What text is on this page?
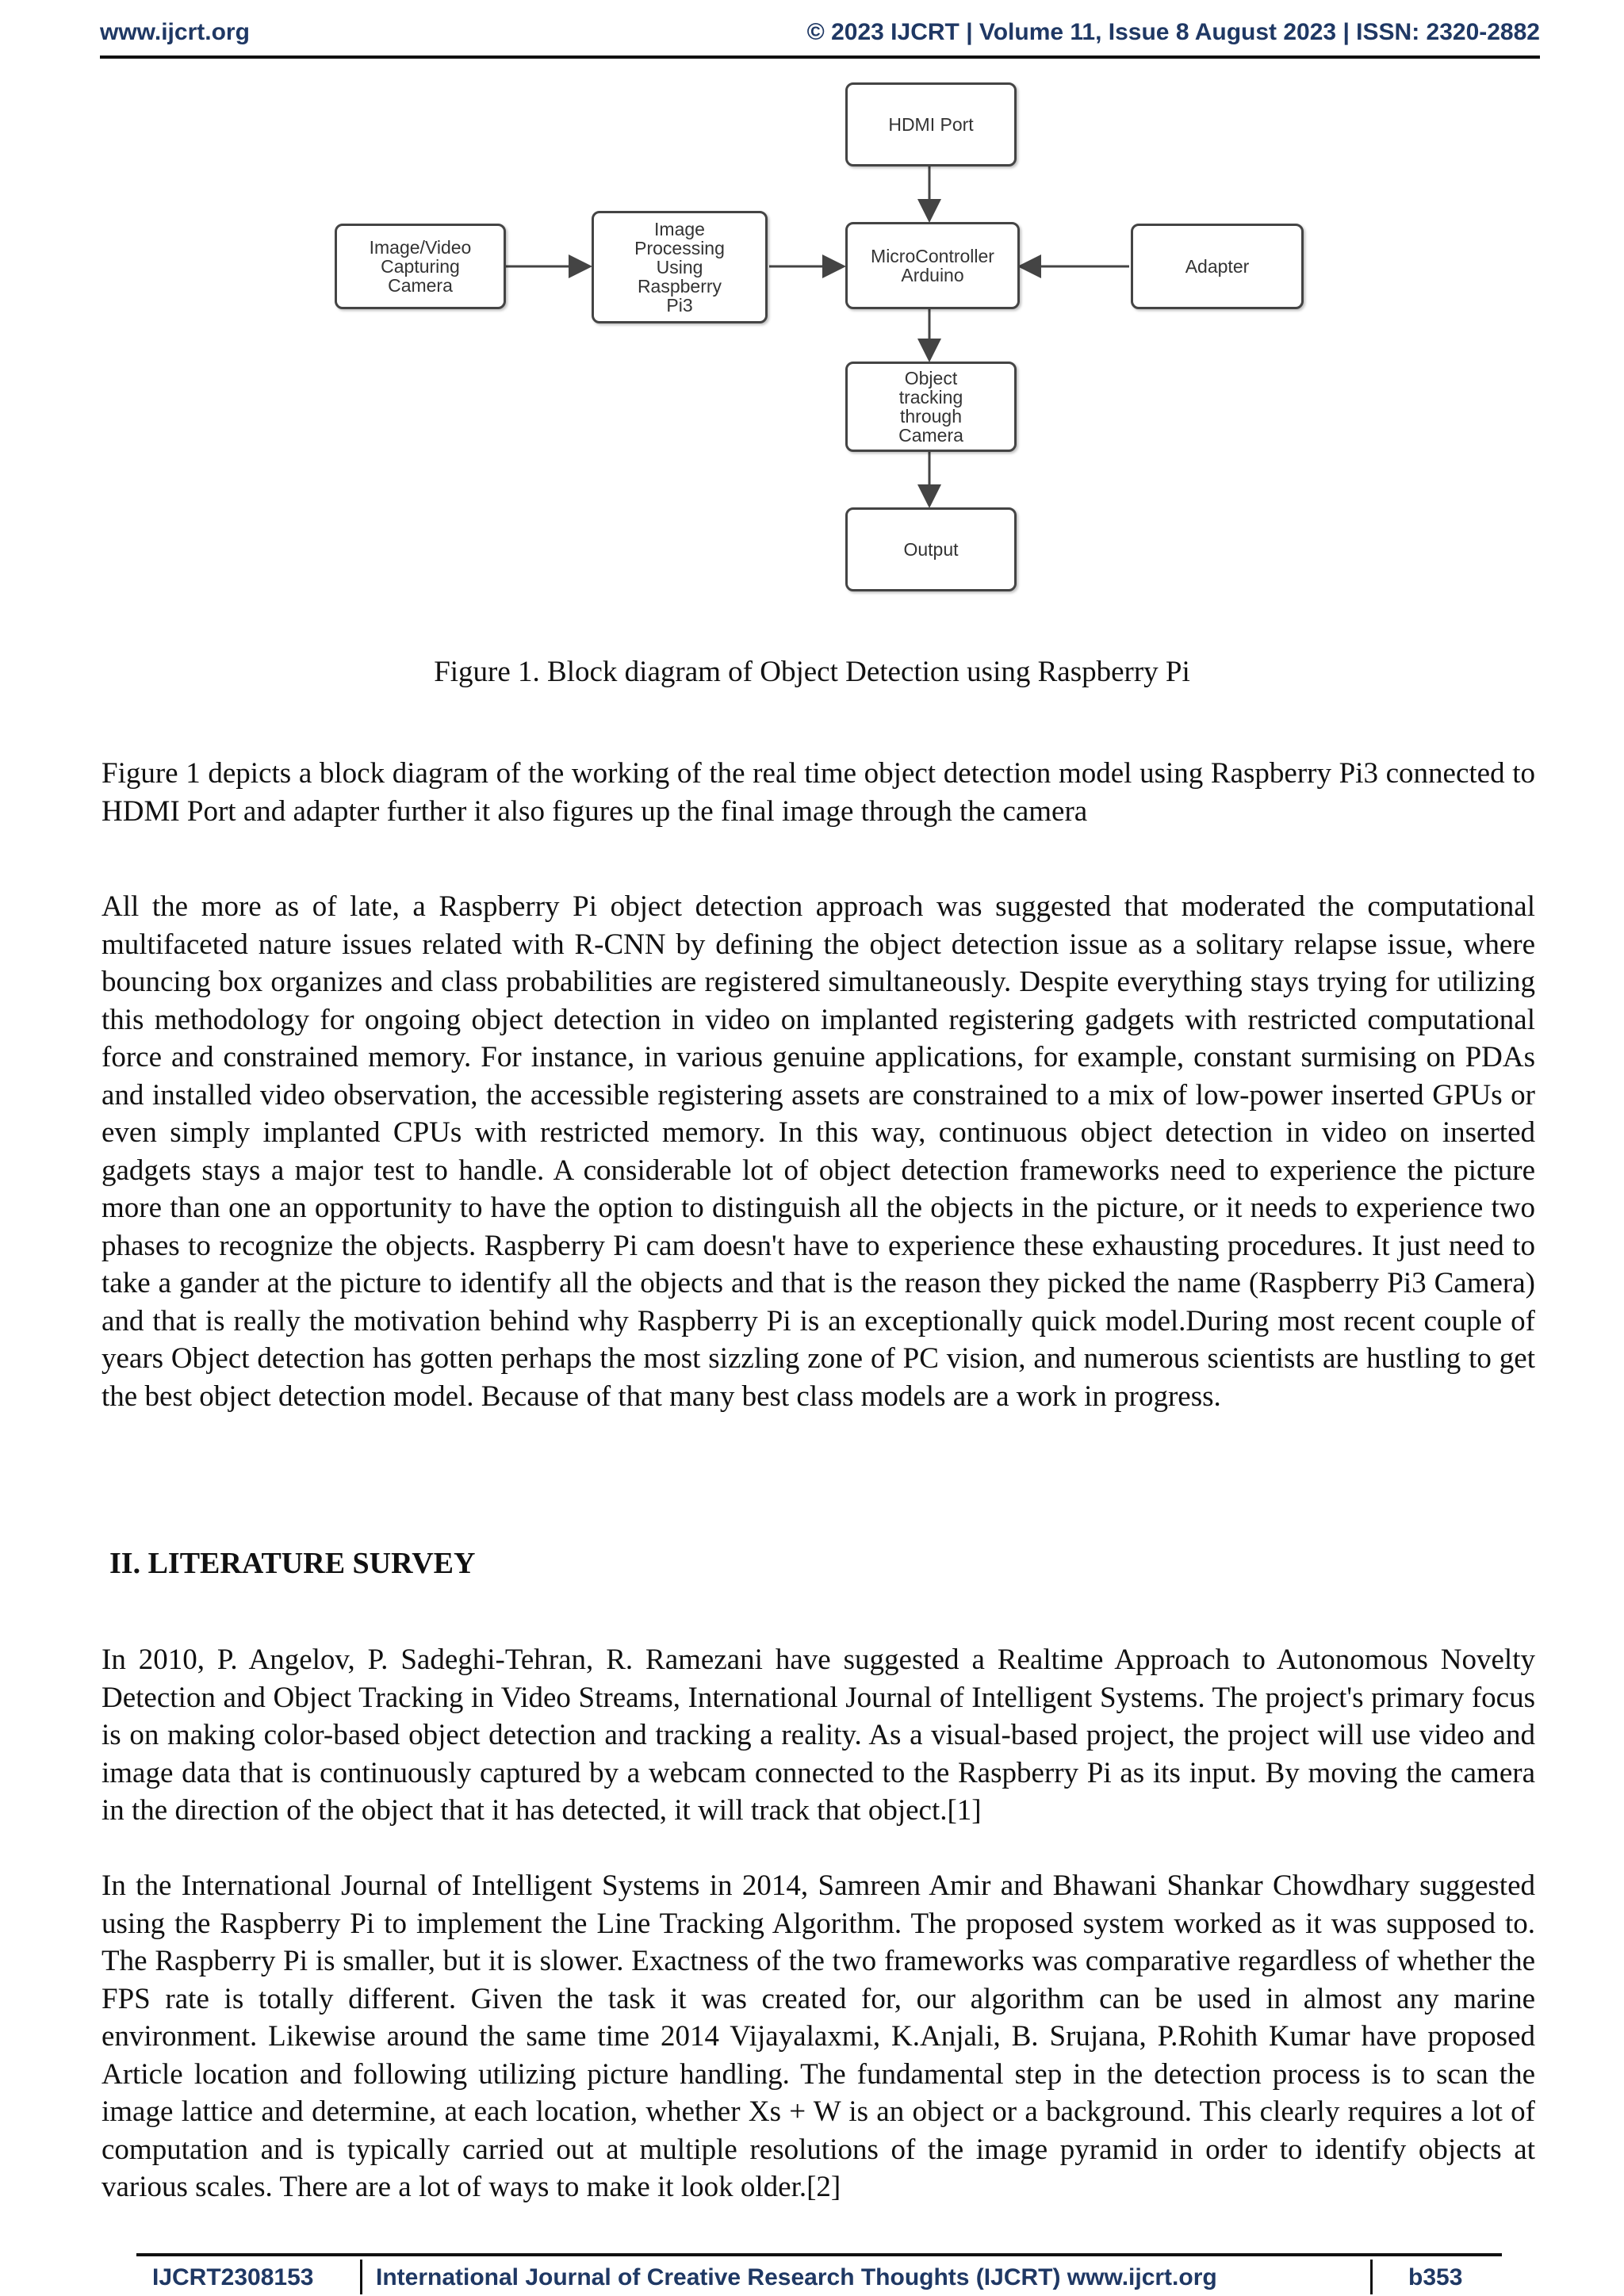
www.ijcrt.org	© 2023 IJCRT | Volume 11, Issue 8 August 2023 | ISSN: 2320-2882
HDMI Port
Image/Video
Capturing
Camera
Image
Processing
Using
Raspberry
Pi3
MicroController
Arduino	Adapter
Object
tracking
through
Camera
Output
Figure 1. Block diagram of Object Detection using Raspberry Pi

Figure 1 depicts a block diagram of the working of the real time object detection model using Raspberry Pi3 connected to HDMI Port and adapter further it also figures up the final image through the camera

All the more as of late, a Raspberry Pi object detection approach was suggested that moderated the computational multifaceted nature issues related with R-CNN by defining the object detection issue as a solitary relapse issue, where bouncing box organizes and class probabilities are registered simultaneously. Despite everything stays trying for utilizing this methodology for ongoing object detection in video on implanted registering gadgets with restricted computational force and constrained memory. For instance, in various genuine applications, for example, constant surmising on PDAs and installed video observation, the accessible registering assets are constrained to a mix of low-power inserted GPUs or even simply implanted CPUs with restricted memory. In this way, continuous object detection in video on inserted gadgets stays a major test to handle. A considerable lot of object detection frameworks need to experience the picture more than one an opportunity to have the option to distinguish all the objects in the picture, or it needs to experience two phases to recognize the objects. Raspberry Pi cam doesn't have to experience these exhausting procedures. It just need to take a gander at the picture to identify all the objects and that is the reason they picked the name (Raspberry Pi3 Camera) and that is really the motivation behind why Raspberry Pi is an exceptionally quick model.During most recent couple of years Object detection has gotten perhaps the most sizzling zone of PC vision, and numerous scientists are hustling to get the best object detection model. Because of that many best class models are a work in progress.

II. LITERATURE SURVEY

In 2010, P. Angelov, P. Sadeghi-Tehran, R. Ramezani have suggested a Realtime Approach to Autonomous Novelty Detection and Object Tracking in Video Streams, International Journal of Intelligent Systems. The project's primary focus is on making color-based object detection and tracking a reality. As a visual-based project, the project will use video and image data that is continuously captured by a webcam connected to the Raspberry Pi as its input. By moving the camera in the direction of the object that it has detected, it will track that object.[1]

In the International Journal of Intelligent Systems in 2014, Samreen Amir and Bhawani Shankar Chowdhary suggested using the Raspberry Pi to implement the Line Tracking Algorithm. The proposed system worked as it was supposed to. The Raspberry Pi is smaller, but it is slower. Exactness of the two frameworks was comparative regardless of whether the FPS rate is totally different. Given the task it was created for, our algorithm can be used in almost any marine environment. Likewise around the same time 2014 Vijayalaxmi, K.Anjali, B. Srujana, P.Rohith Kumar have proposed Article location and following utilizing picture handling. The fundamental step in the detection process is to scan the image lattice and determine, at each location, whether Xs + W is an object or a background. This clearly requires a lot of computation and is typically carried out at multiple resolutions of the image pyramid in order to identify objects at various scales. There are a lot of ways to make it look older.[2]

IJCRT2308153	International Journal of Creative Research Thoughts (IJCRT) www.ijcrt.org	b353
